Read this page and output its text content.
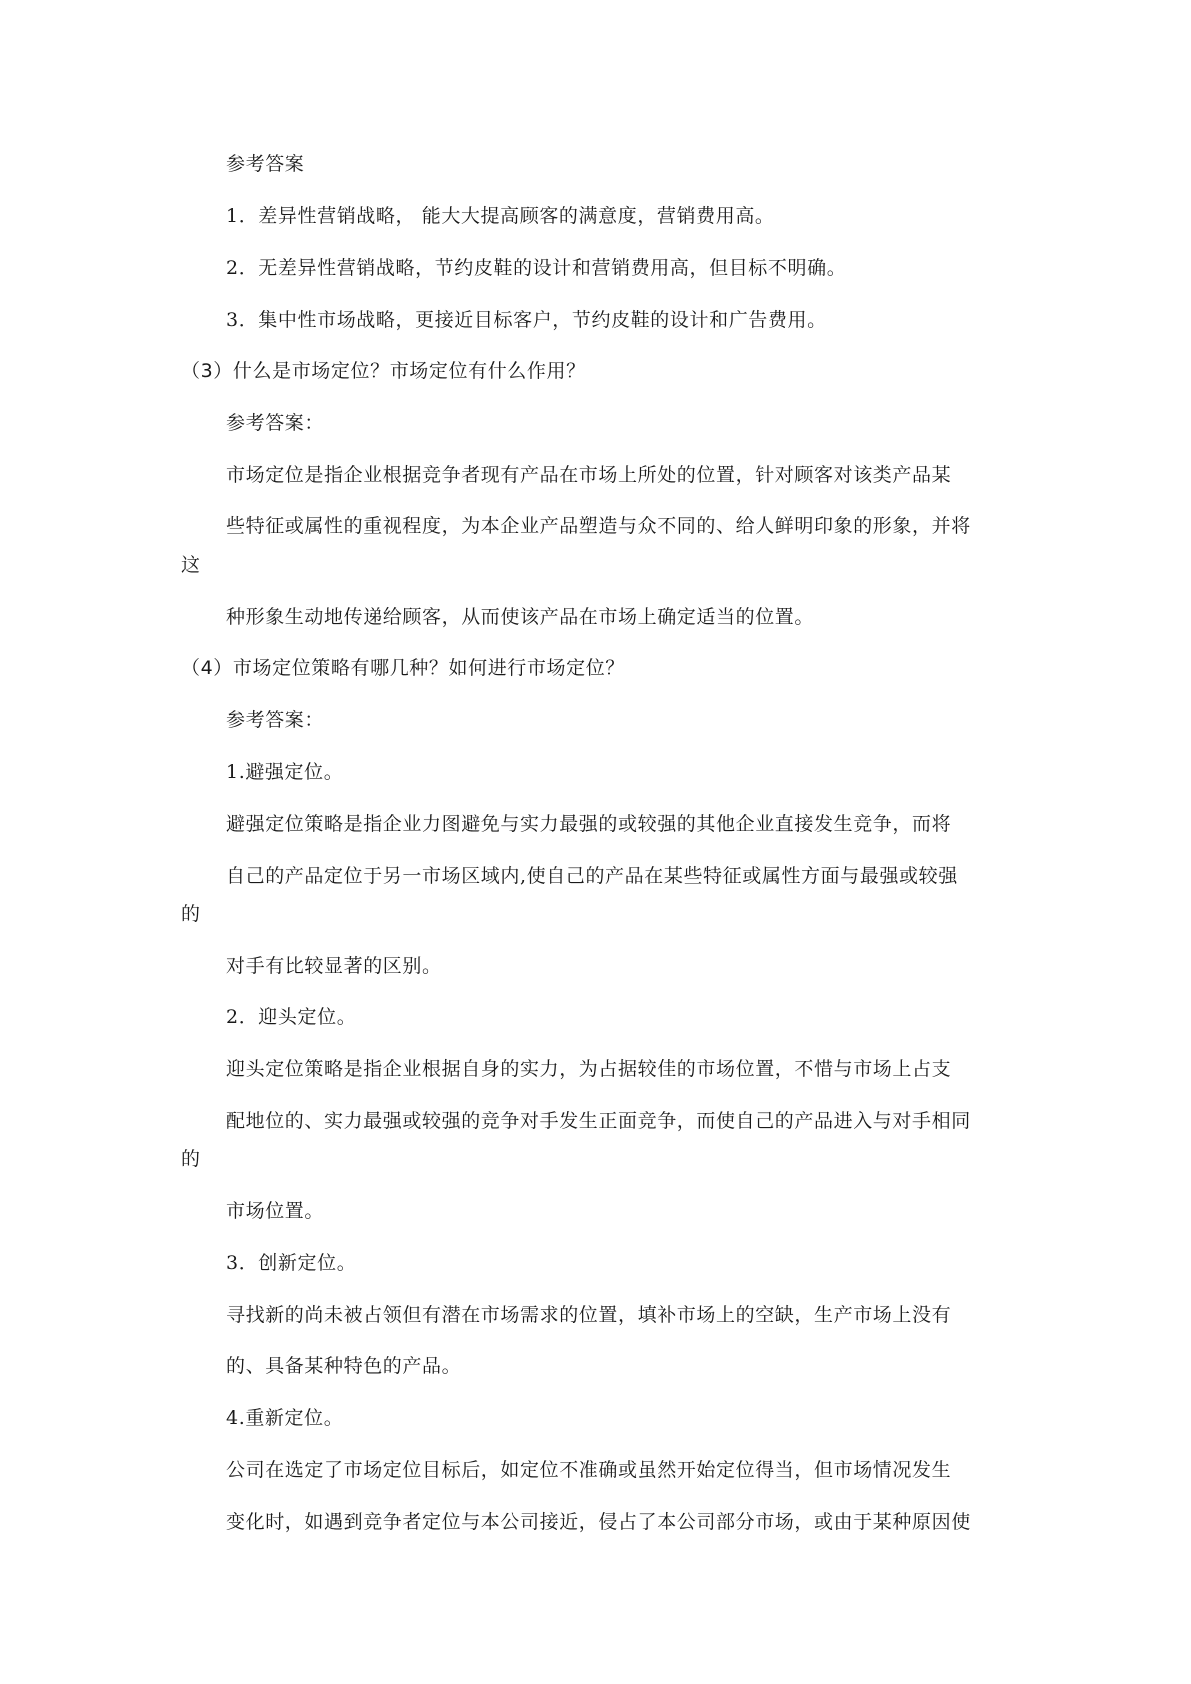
参考答案
1．差异性营销战略， 能大大提高顾客的满意度，营销费用高。
2．无差异性营销战略，节约皮鞋的设计和营销费用高，但目标不明确。
3．集中性市场战略，更接近目标客户，节约皮鞋的设计和广告费用。
（3）什么是市场定位？市场定位有什么作用？
参考答案：
市场定位是指企业根据竞争者现有产品在市场上所处的位置，针对顾客对该类产品某
些特征或属性的重视程度，为本企业产品塑造与众不同的、给人鲜明印象的形象，并将
这
种形象生动地传递给顾客，从而使该产品在市场上确定适当的位置。
（4）市场定位策略有哪几种？如何进行市场定位？
参考答案：
1.避强定位。
避强定位策略是指企业力图避免与实力最强的或较强的其他企业直接发生竞争，而将
自己的产品定位于另一市场区域内,使自己的产品在某些特征或属性方面与最强或较强
的
对手有比较显著的区别。
2．迎头定位。
迎头定位策略是指企业根据自身的实力，为占据较佳的市场位置，不惜与市场上占支
配地位的、实力最强或较强的竞争对手发生正面竞争，而使自己的产品进入与对手相同
的
市场位置。
3．创新定位。
寻找新的尚未被占领但有潜在市场需求的位置，填补市场上的空缺，生产市场上没有
的、具备某种特色的产品。
4.重新定位。
公司在选定了市场定位目标后，如定位不准确或虽然开始定位得当，但市场情况发生
变化时，如遇到竞争者定位与本公司接近，侵占了本公司部分市场，或由于某种原因使
